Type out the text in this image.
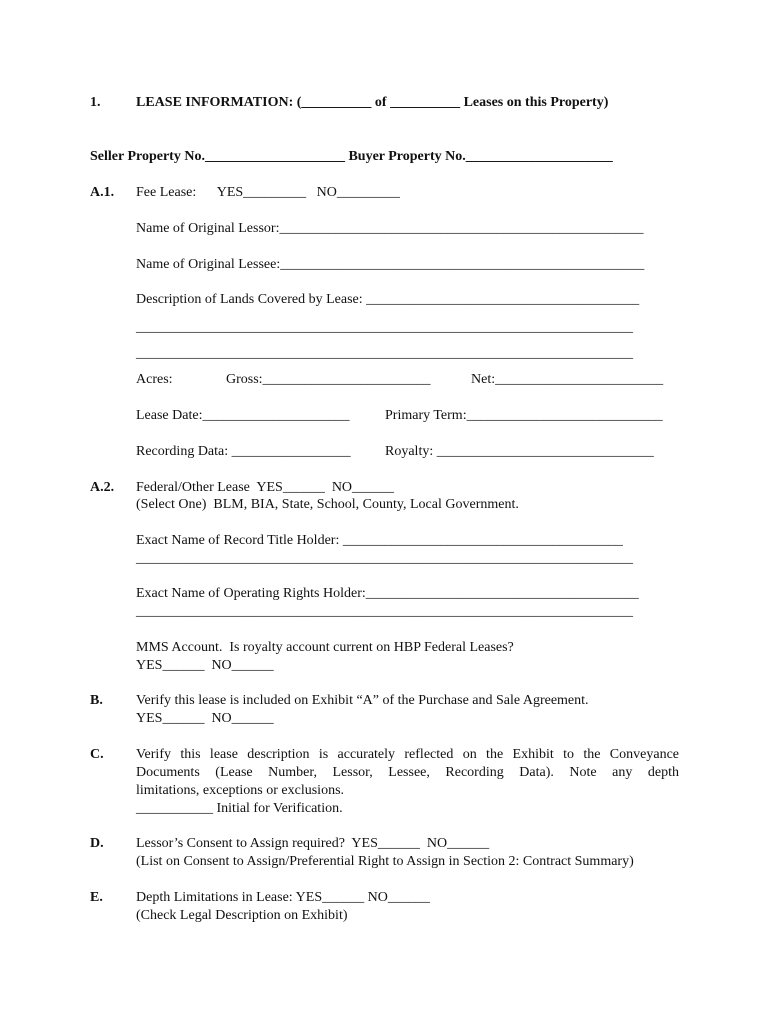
1.	LEASE INFORMATION: (__________ of __________ Leases on this Property)
Seller Property No.____________________ Buyer Property No._____________________
A.1. Fee Lease:      YES_________   NO_________
Name of Original Lessor:____________________________________________________
Name of Original Lessee:____________________________________________________
Description of Lands Covered by Lease: _______________________________________
_______________________________________________________________________
_______________________________________________________________________
Acres:	Gross:________________________	Net:________________________
Lease Date:_____________________	Primary Term:____________________________
Recording Data: _________________ Royalty: _______________________________
A.2. Federal/Other Lease  YES______  NO______
(Select One)  BLM, BIA, State, School, County, Local Government.
Exact Name of Record Title Holder: ________________________________________
_______________________________________________________________________
Exact Name of Operating Rights Holder:_______________________________________
_______________________________________________________________________
MMS Account.  Is royalty account current on HBP Federal Leases?
YES______  NO______
B. Verify this lease is included on Exhibit “A” of the Purchase and Sale Agreement.
YES______  NO______
C. Verify this lease description is accurately reflected on the Exhibit to the Conveyance
Documents (Lease Number, Lessor, Lessee, Recording Data). Note any depth
limitations, exceptions or exclusions.
___________ Initial for Verification.
D. Lessor’s Consent to Assign required?  YES______  NO______
(List on Consent to Assign/Preferential Right to Assign in Section 2: Contract Summary)
E. Depth Limitations in Lease: YES______ NO______
(Check Legal Description on Exhibit)
